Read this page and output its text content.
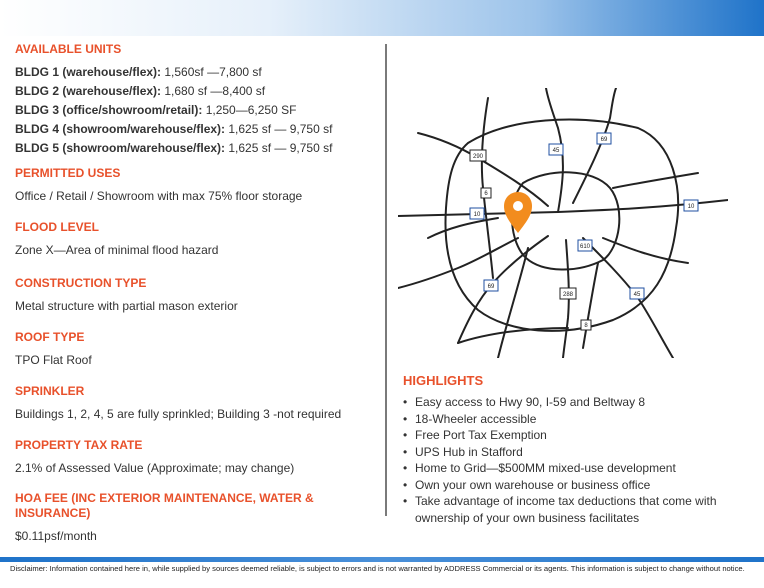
AVAILABLE UNITS

BLDG 1 (warehouse/flex): 1,560sf —7,800 sf

BLDG 2 (warehouse/flex): 1,680 sf —8,400 sf

BLDG 3 (office/showroom/retail): 1,250—6,250 SF

BLDG 4 (showroom/warehouse/flex): 1,625 sf — 9,750 sf

BLDG 5 (showroom/warehouse/flex): 1,625 sf — 9,750 sf

PERMITTED USES

Office / Retail / Showroom with max 75% floor storage

FLOOD LEVEL

Zone X—Area of minimal flood hazard

CONSTRUCTION TYPE

Metal structure with partial mason exterior

ROOF TYPE

TPO Flat Roof

SPRINKLER

Buildings 1, 2, 4, 5 are fully sprinkled; Building 3 -not required

PROPERTY TAX RATE

2.1% of Assessed Value (Approximate; may change)

HOA FEE (INC EXTERIOR MAINTENANCE, WATER & INSURANCE)

$0.11psf/month

290
45
69
10
10
610
69
288	45
6
8

HIGHLIGHTS

• Easy access to Hwy 90, I-59 and Beltway 8
• 18-Wheeler accessible
• Free Port Tax Exemption
• UPS Hub in Stafford
• Home to Grid—$500MM mixed-use development
• Own your own warehouse or business office
• Take advantage of income tax deductions that come with ownership of your own business facilitates
Disclaimer: Information contained here in, while supplied by sources deemed reliable, is subject to errors and is not warranted by ADDRESS Commercial or its agents. This information is subject to change without notice.
